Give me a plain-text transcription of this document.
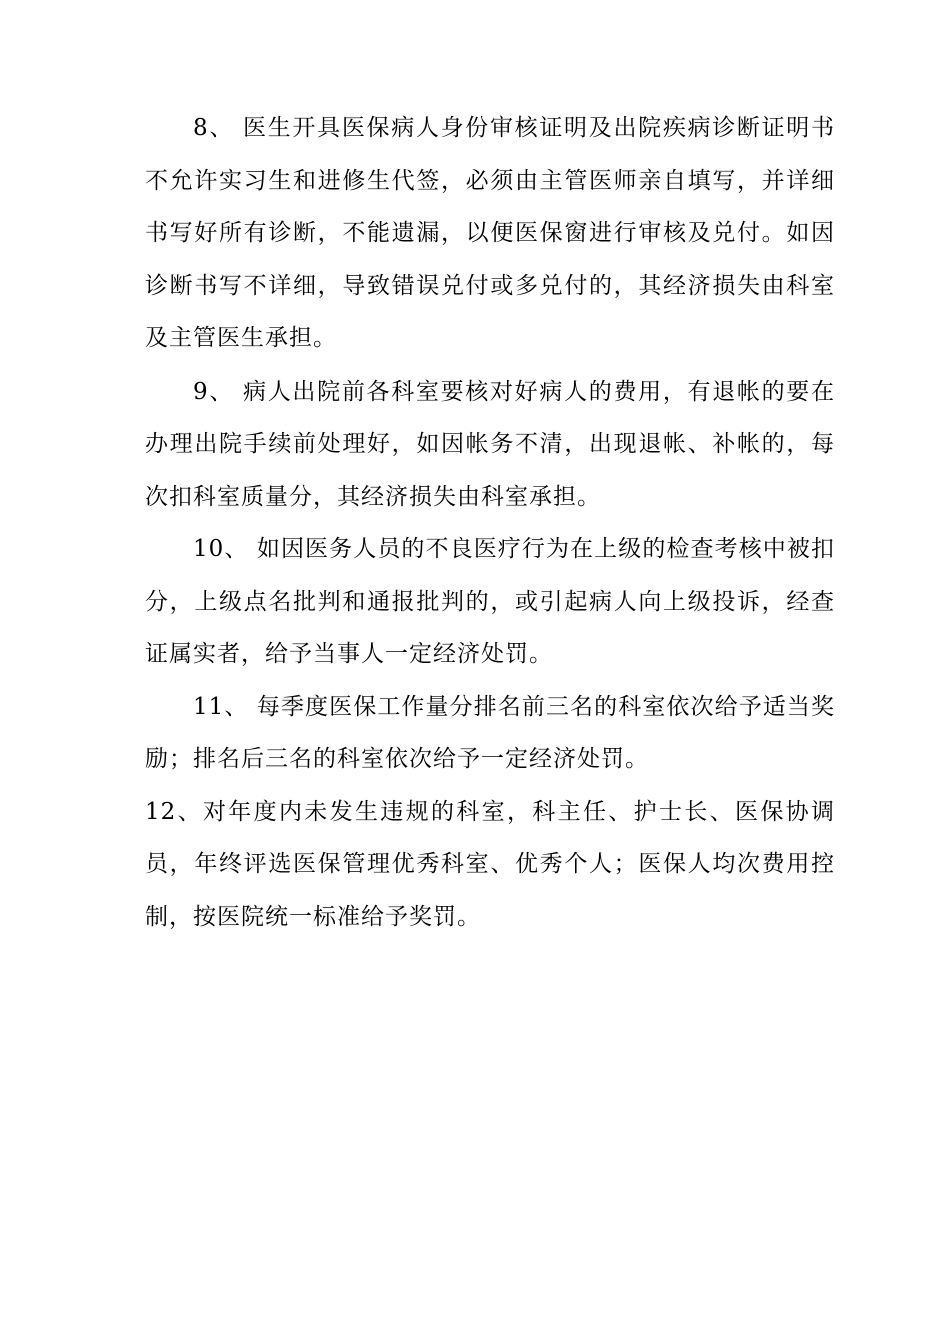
8、 医生开具医保病人身份审核证明及出院疾病诊断证明书不允许实习生和进修生代签，必须由主管医师亲自填写，并详细书写好所有诊断，不能遗漏，以便医保窗进行审核及兑付。如因诊断书写不详细，导致错误兑付或多兑付的，其经济损失由科室及主管医生承担。

9、 病人出院前各科室要核对好病人的费用，有退帐的要在办理出院手续前处理好，如因帐务不清，出现退帐、补帐的，每次扣科室质量分，其经济损失由科室承担。

10、 如因医务人员的不良医疗行为在上级的检查考核中被扣分，上级点名批判和通报批判的，或引起病人向上级投诉，经查证属实者，给予当事人一定经济处罚。

11、 每季度医保工作量分排名前三名的科室依次给予适当奖励；排名后三名的科室依次给予一定经济处罚。

12、对年度内未发生违规的科室，科主任、护士长、医保协调员，年终评选医保管理优秀科室、优秀个人；医保人均次费用控制，按医院统一标准给予奖罚。
